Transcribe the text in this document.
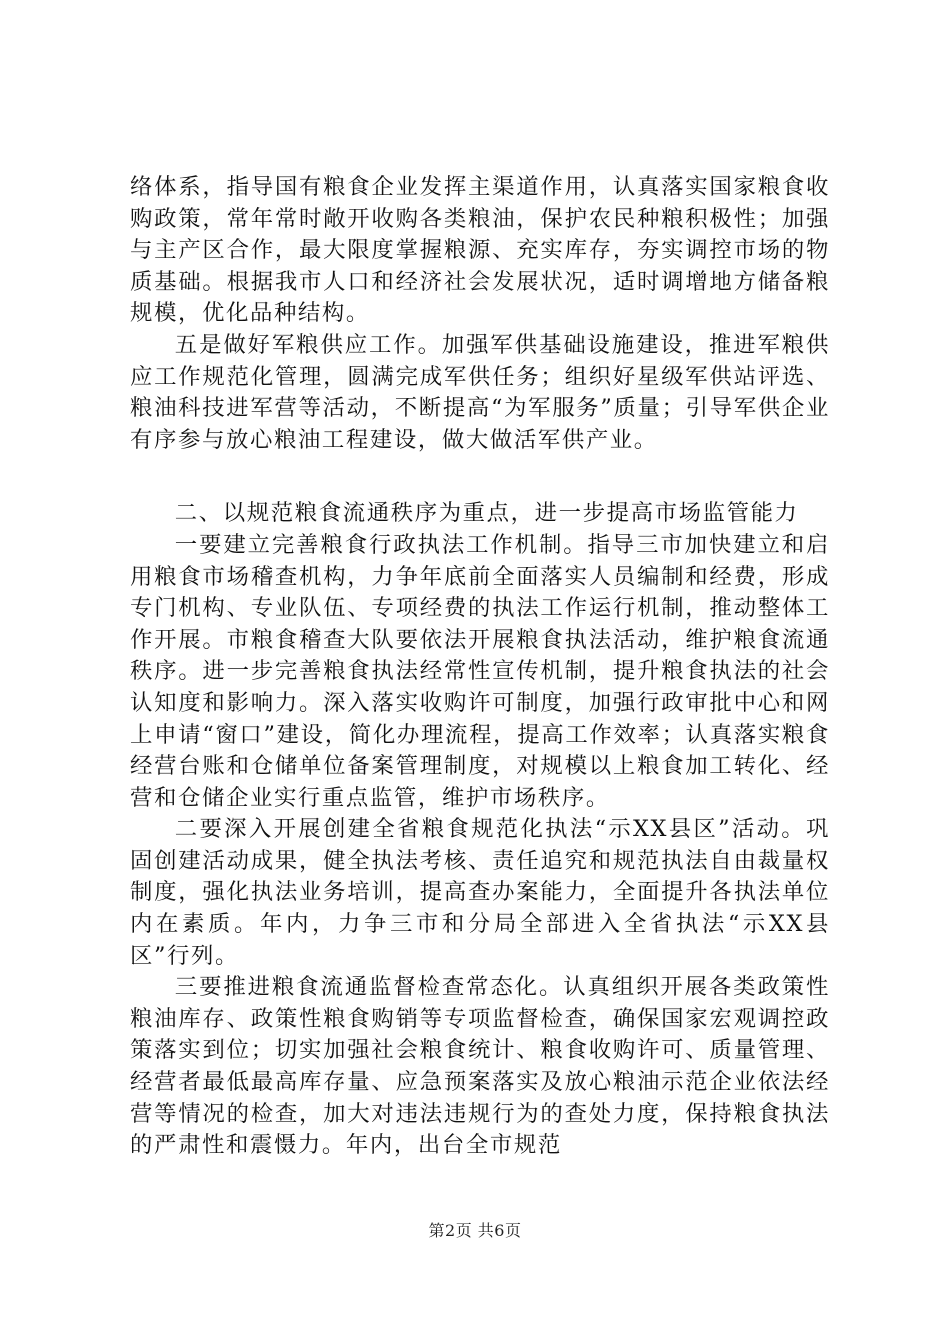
络体系，指导国有粮食企业发挥主渠道作用，认真落实国家粮食收购政策，常年常时敞开收购各类粮油，保护农民种粮积极性；加强与主产区合作，最大限度掌握粮源、充实库存，夯实调控市场的物质基础。根据我市人口和经济社会发展状况，适时调增地方储备粮规模，优化品种结构。

五是做好军粮供应工作。加强军供基础设施建设，推进军粮供应工作规范化管理，圆满完成军供任务；组织好星级军供站评选、粮油科技进军营等活动，不断提高“为军服务”质量；引导军供企业有序参与放心粮油工程建设，做大做活军供产业。

二、以规范粮食流通秩序为重点，进一步提高市场监管能力

一要建立完善粮食行政执法工作机制。指导三市加快建立和启用粮食市场稽查机构，力争年底前全面落实人员编制和经费，形成专门机构、专业队伍、专项经费的执法工作运行机制，推动整体工作开展。市粮食稽查大队要依法开展粮食执法活动，维护粮食流通秩序。进一步完善粮食执法经常性宣传机制，提升粮食执法的社会认知度和影响力。深入落实收购许可制度，加强行政审批中心和网上申请“窗口”建设，简化办理流程，提高工作效率；认真落实粮食经营台账和仓储单位备案管理制度，对规模以上粮食加工转化、经营和仓储企业实行重点监管，维护市场秩序。

二要深入开展创建全省粮食规范化执法“示XX县区”活动。巩固创建活动成果，健全执法考核、责任追究和规范执法自由裁量权制度，强化执法业务培训，提高查办案能力，全面提升各执法单位内在素质。年内，力争三市和分局全部进入全省执法“示XX县区”行列。

三要推进粮食流通监督检查常态化。认真组织开展各类政策性粮油库存、政策性粮食购销等专项监督检查，确保国家宏观调控政策落实到位；切实加强社会粮食统计、粮食收购许可、质量管理、经营者最低最高库存量、应急预案落实及放心粮油示范企业依法经营等情况的检查，加大对违法违规行为的查处力度，保持粮食执法的严肃性和震慑力。年内，出台全市规范

第2页 共6页
